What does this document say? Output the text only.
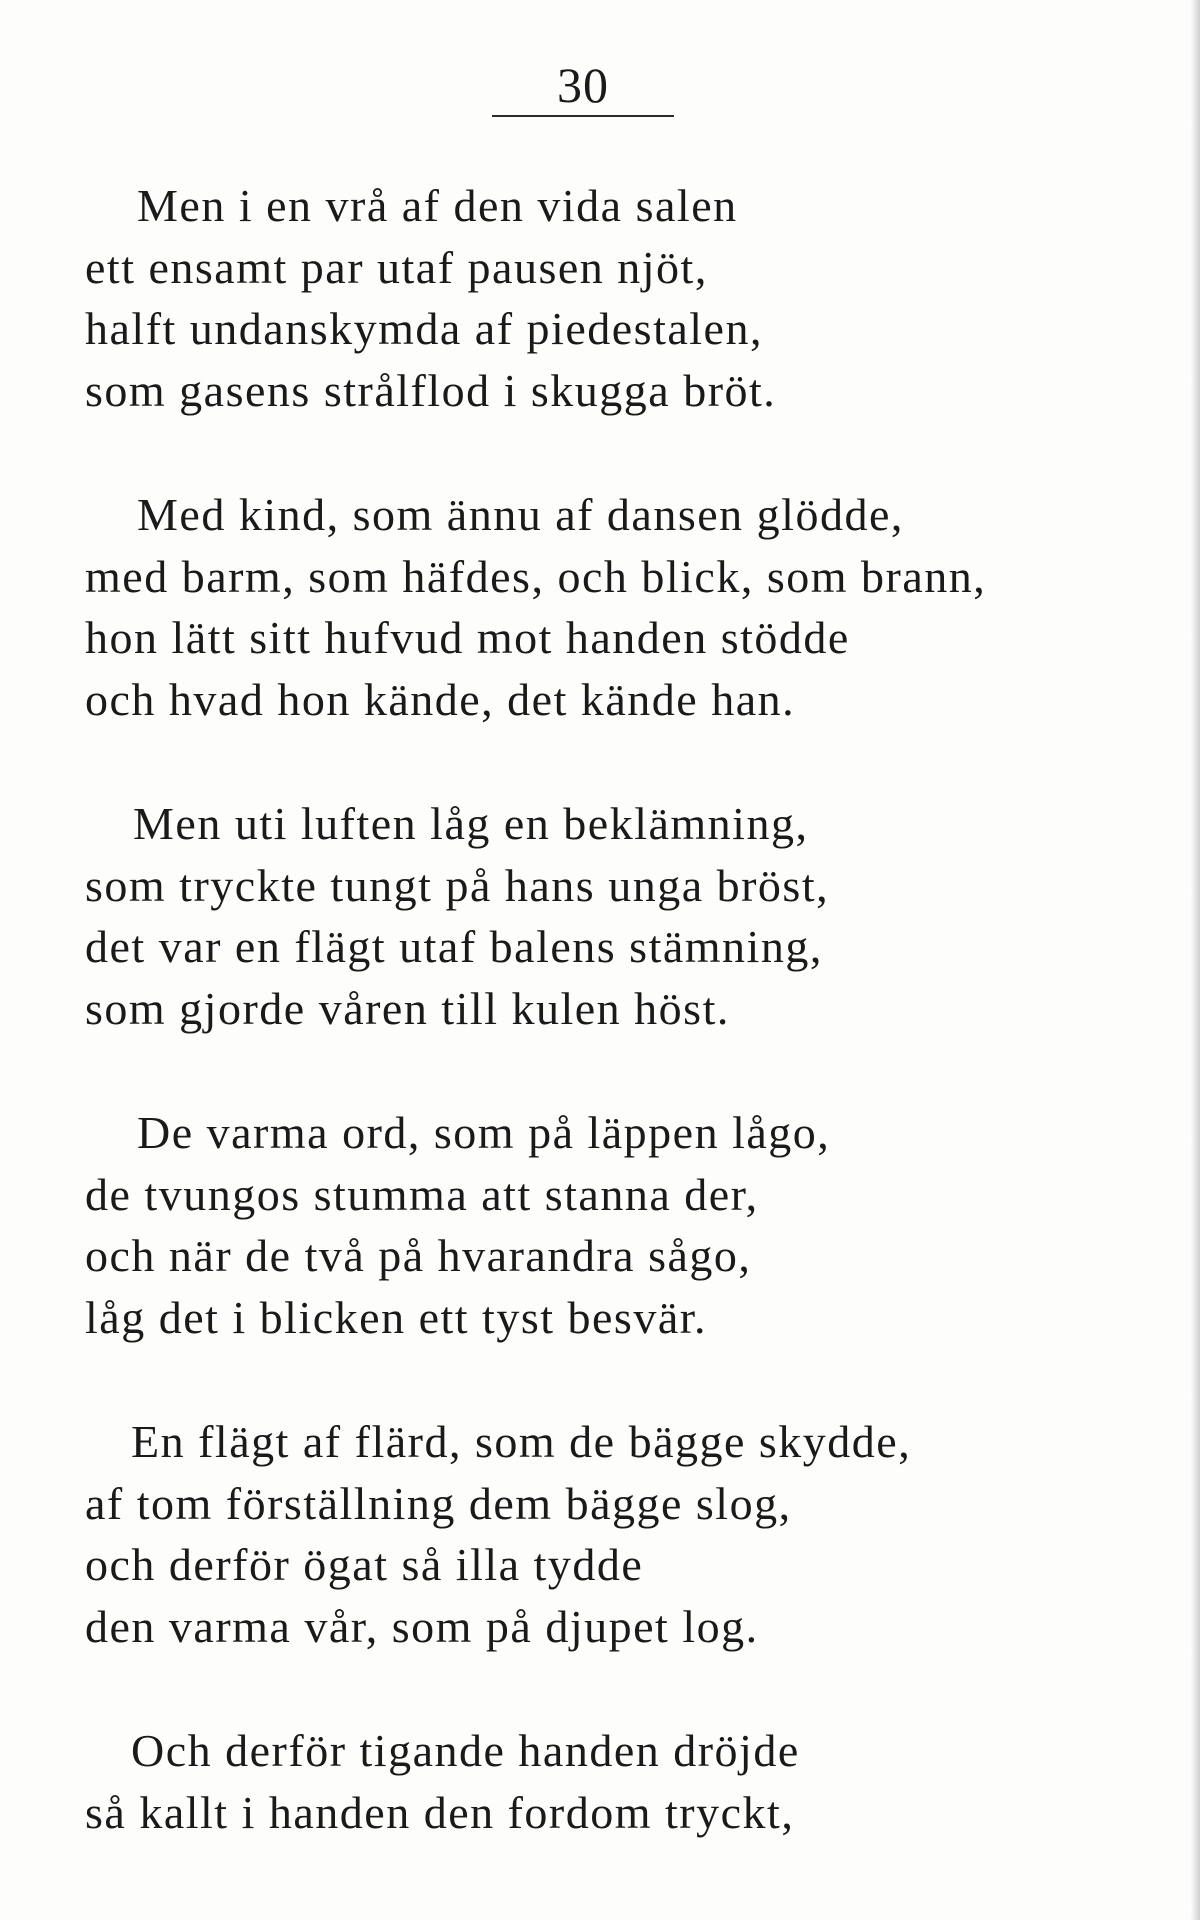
30
Men i en vrå af den vida salen
ett ensamt par utaf pausen njöt,
halft undanskymda af piedestalen,
som gasens strålflod i skugga bröt.
Med kind, som ännu af dansen glödde,
med barm, som häfdes, och blick, som brann,
hon lätt sitt hufvud mot handen stödde
och hvad hon kände, det kände han.
Men uti luften låg en beklämning,
som tryckte tungt på hans unga bröst,
det var en flägt utaf balens stämning,
som gjorde våren till kulen höst.
De varma ord, som på läppen lågo,
de tvungos stumma att stanna der,
och när de två på hvarandra sågo,
låg det i blicken ett tyst besvär.
En flägt af flärd, som de bägge skydde,
af tom förställning dem bägge slog,
och derför ögat så illa tydde
den varma vår, som på djupet log.
Och derför tigande handen dröjde
så kallt i handen den fordom tryckt,
